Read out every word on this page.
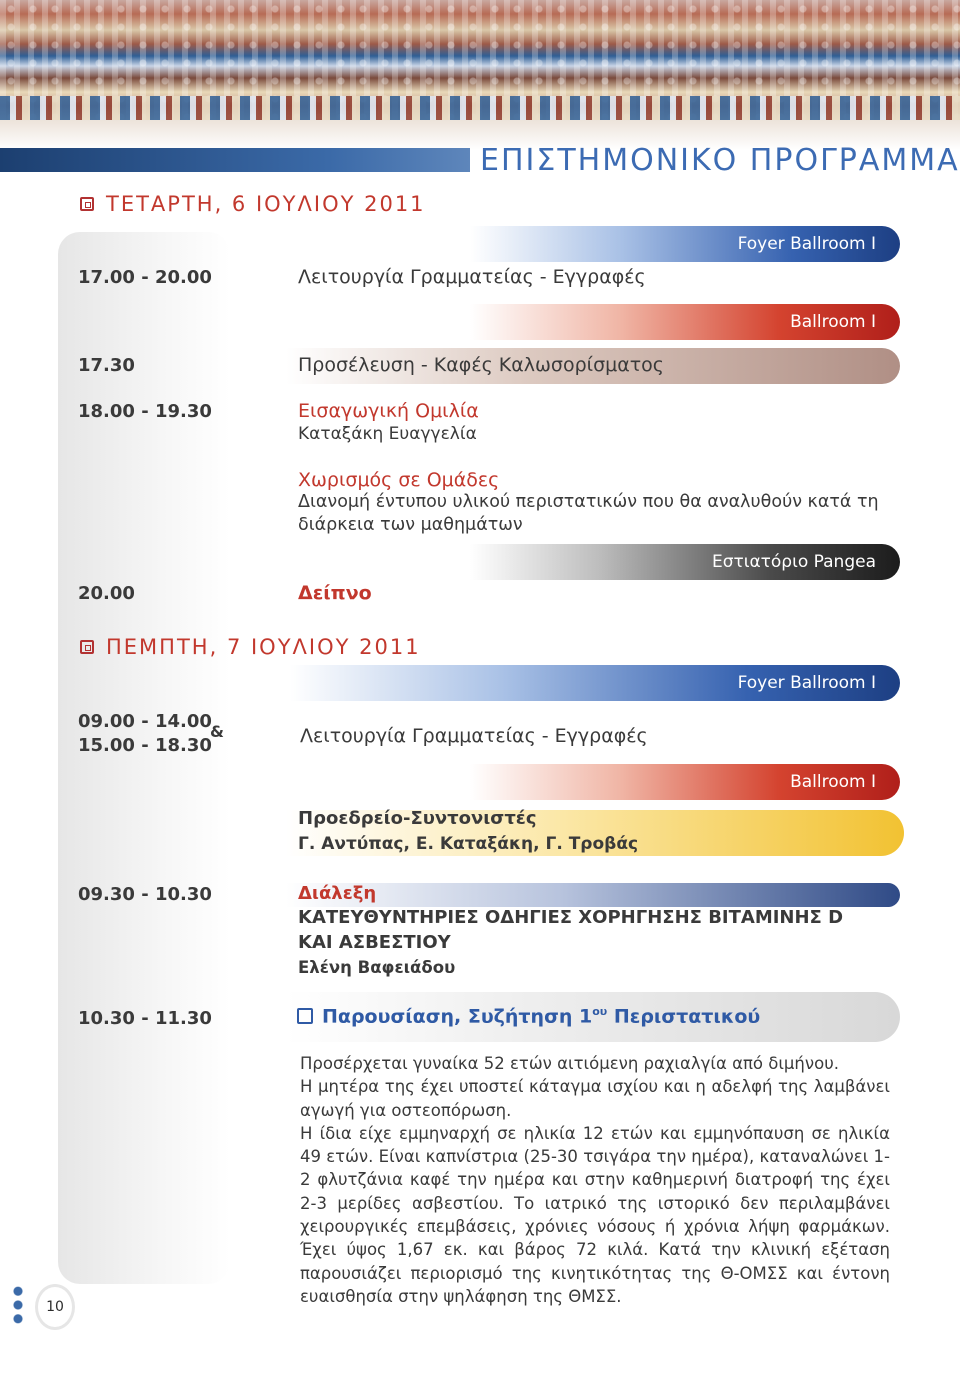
ΕΠΙΣΤΗΜΟΝΙΚΟ ΠΡΟΓΡΑΜΜΑ
ΤΕΤΑΡΤΗ, 6 ΙΟΥΛΙΟΥ 2011
Foyer Ballroom I
17.00 - 20.00	Λειτουργία Γραμματείας - Εγγραφές
Ballroom I
17.30	Προσέλευση - Καφές Καλωσορίσματος
18.00 - 19.30	Εισαγωγική Ομιλία
Καταξάκη Ευαγγελία
Χωρισμός σε Ομάδες
Διανομή έντυπου υλικού περιστατικών που θα αναλυθούν κατά τη
διάρκεια των μαθημάτων
Εστιατόριο Pangea
20.00	Δείπνο
ΠΕΜΠΤΗ, 7 ΙΟΥΛΙΟΥ 2011
Foyer Ballroom I
09.00 - 14.00
&
15.00 - 18.30	Λειτουργία Γραμματείας - Εγγραφές
Ballroom I
Προεδρείο-Συντονιστές
Γ. Αντύπας, Ε. Καταξάκη, Γ. Τροβάς
09.30 - 10.30	Διάλεξη
ΚΑΤΕΥΘΥΝΤΗΡΙΕΣ ΟΔΗΓΙΕΣ ΧΟΡΗΓΗΣΗΣ ΒΙΤΑΜΙΝΗΣ D
ΚΑΙ ΑΣΒΕΣΤΙΟΥ
Ελένη Βαφειάδου
10.30 - 11.30	Παρουσίαση, Συζήτηση $1^{o\upsilon}$ Περιστατικού

Προσέρχεται γυναίκα 52 ετών αιτιόμενη ραχιαλγία από διμήνου.

Η μητέρα της έχει υποστεί κάταγμα ισχίου και η αδελφή της λαμβάνει αγωγή για οστεοπόρωση.

Η ίδια είχε εμμηναρχή σε ηλικία 12 ετών και εμμηνόπαυση σε ηλικία 49 ετών. Είναι καπνίστρια (25-30 τσιγάρα την ημέρα), καταναλώνει 1-2 φλυτζάνια καφέ την ημέρα και στην καθημερινή διατροφή της έχει 2-3 μερίδες ασβεστίου. Το ιατρικό της ιστορικό δεν περιλαμβάνει χειρουργικές επεμβάσεις, χρόνιες νόσους ή χρόνια λήψη φαρμάκων. Έχει ύψος 1,67 εκ. και βάρος 72 κιλά. Κατά την κλινική εξέταση παρουσιάζει περιορισμό της κινητικότητας της Θ-ΟΜΣΣ και έντονη ευαισθησία στην ψηλάφηση της ΘΜΣΣ.

10
